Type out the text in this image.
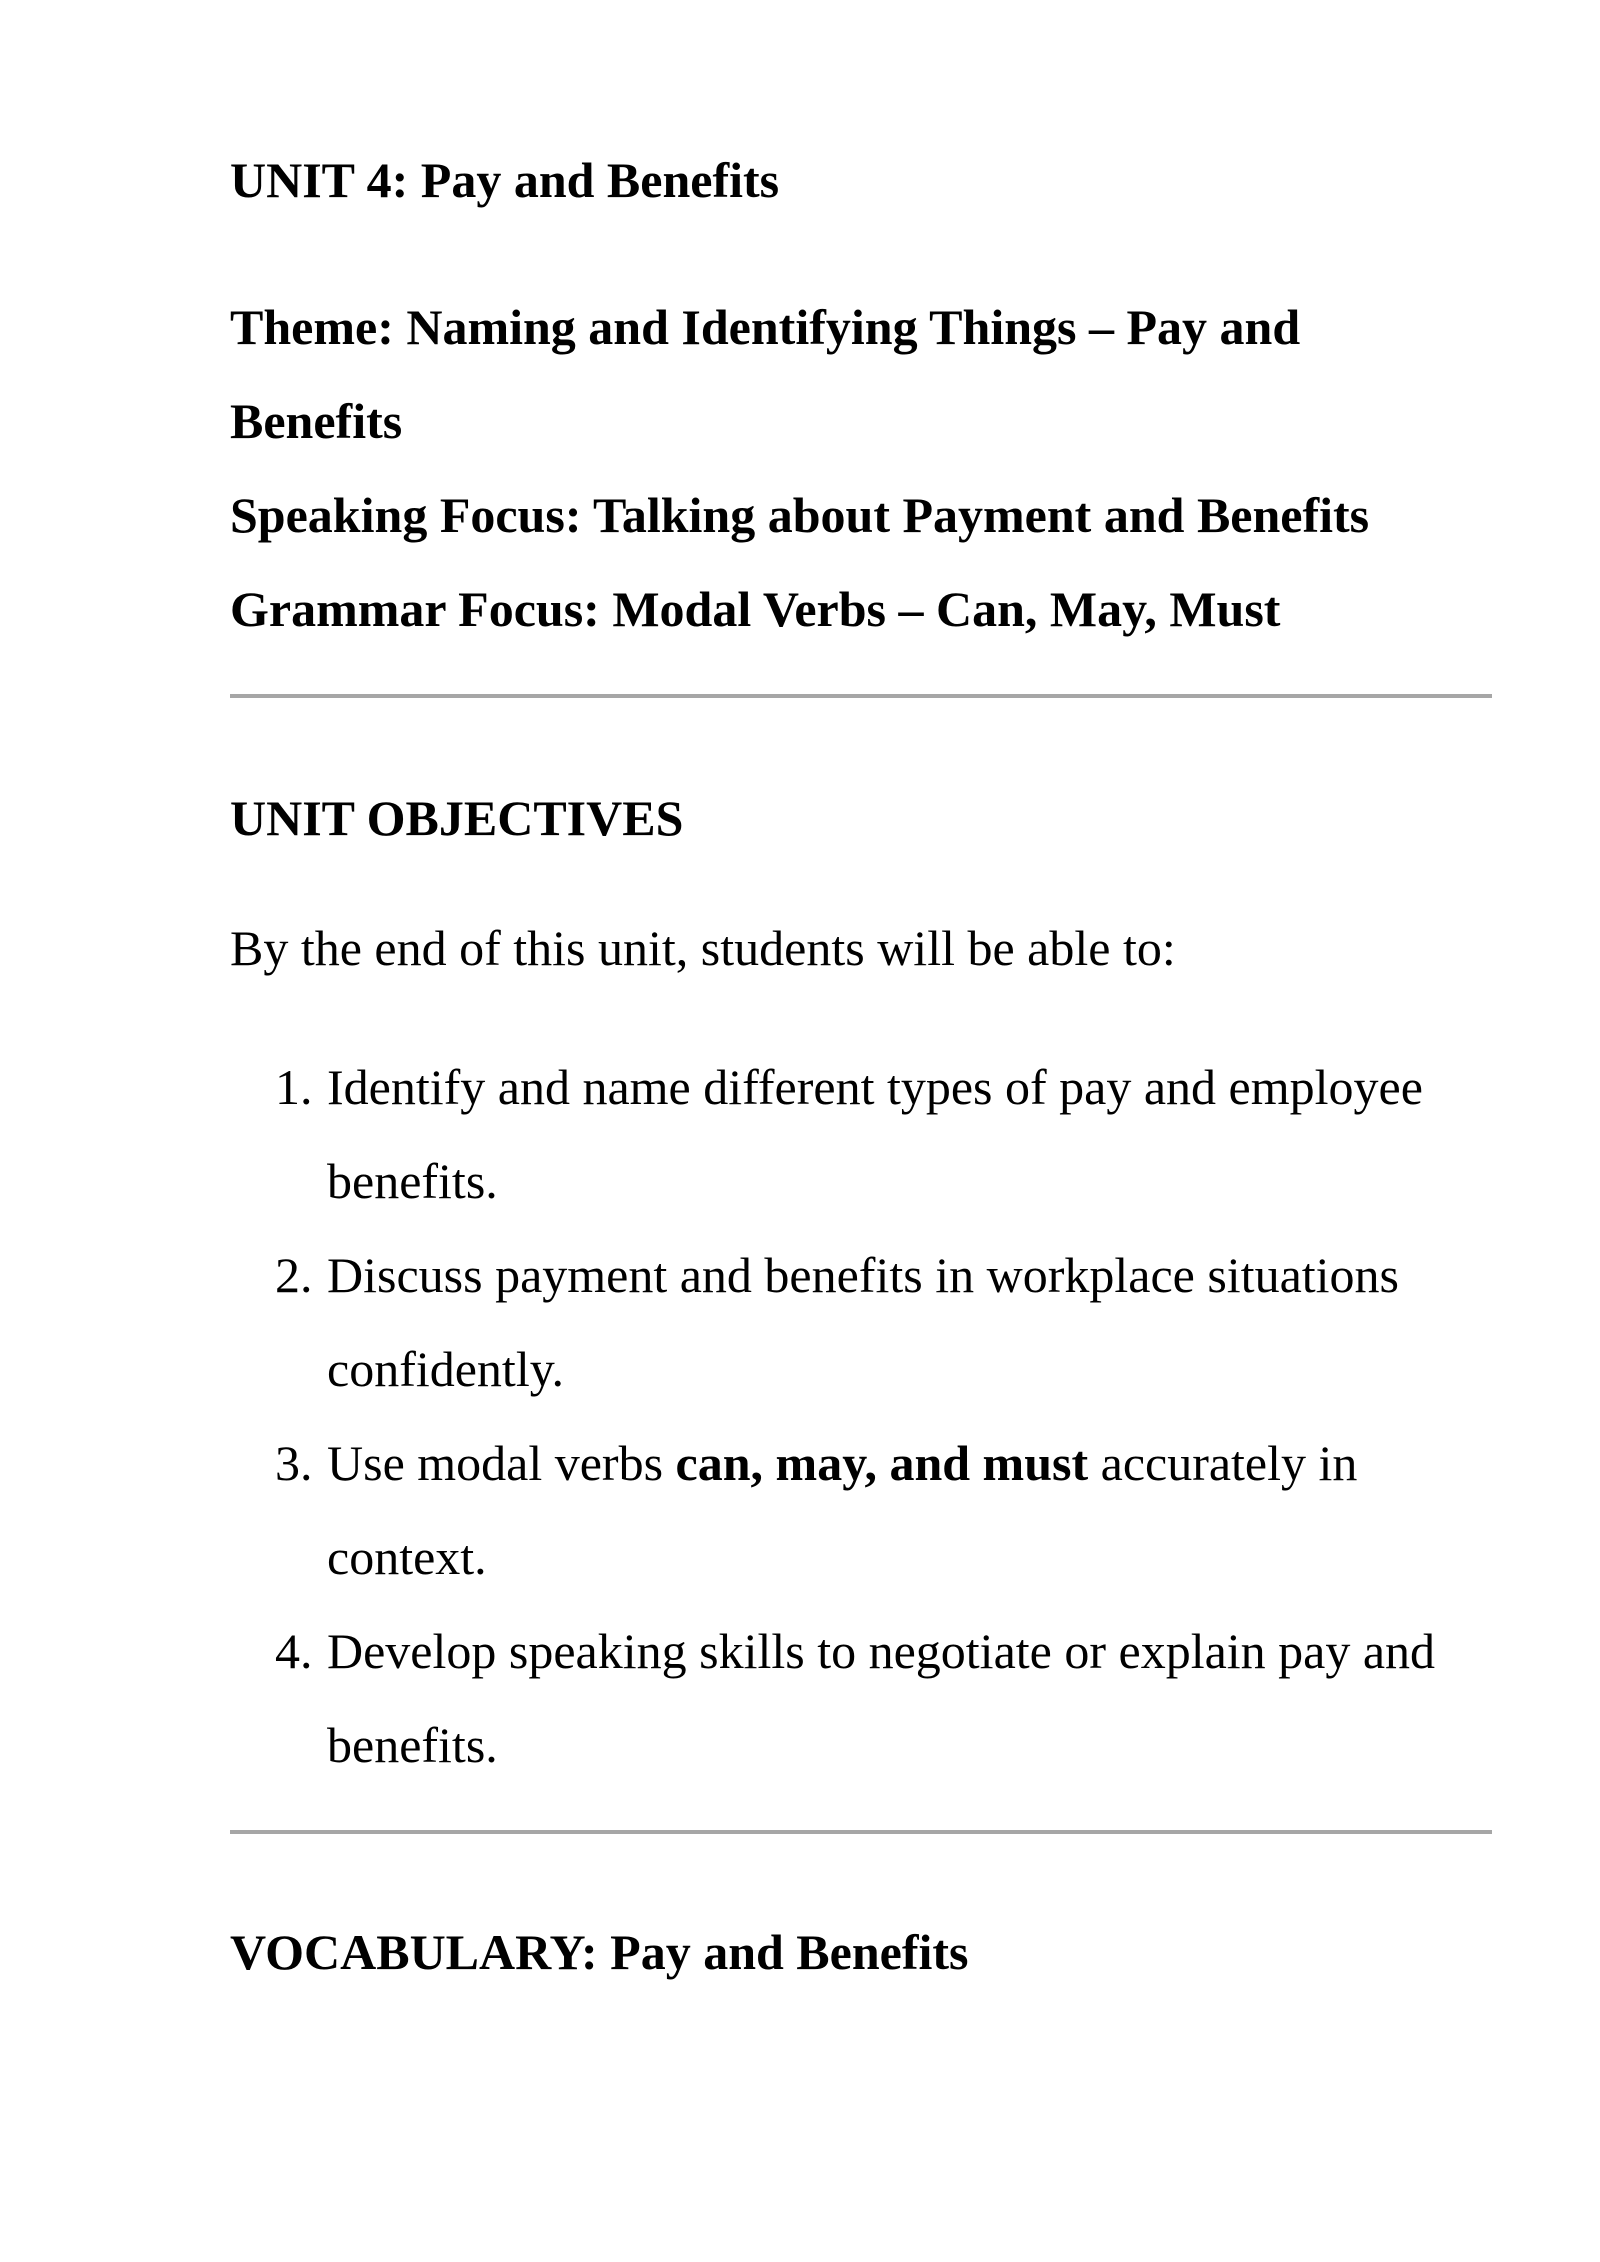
UNIT 4: Pay and Benefits
Theme: Naming and Identifying Things – Pay and
Benefits
Speaking Focus: Talking about Payment and Benefits
Grammar Focus: Modal Verbs – Can, May, Must
UNIT OBJECTIVES

By the end of this unit, students will be able to:

1. Identify and name different types of pay and employee benefits.
2. Discuss payment and benefits in workplace situations confidently.
3. Use modal verbs can, may, and must accurately in context.
4. Develop speaking skills to negotiate or explain pay and benefits.
VOCABULARY: Pay and Benefits
